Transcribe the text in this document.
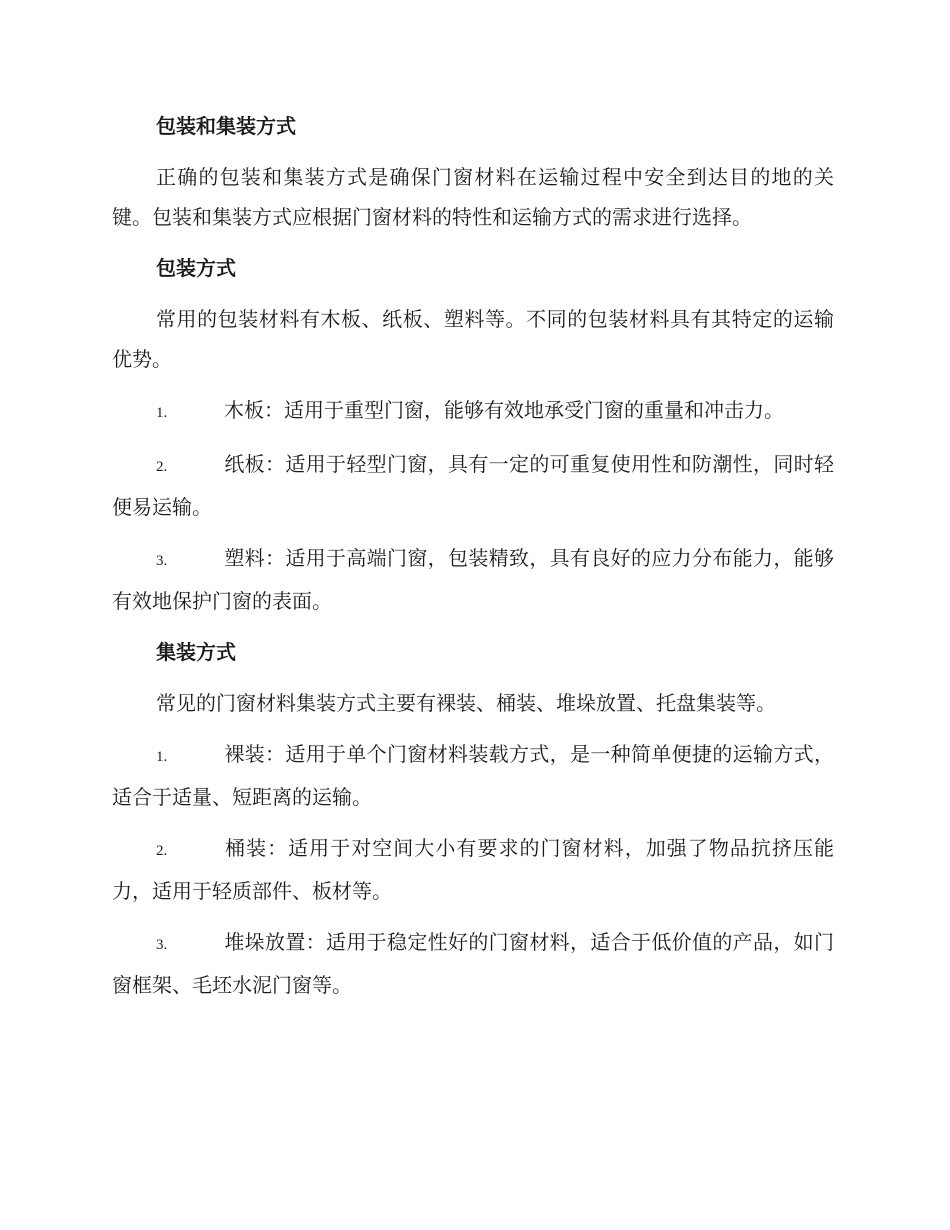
包装和集装方式

正确的包装和集装方式是确保门窗材料在运输过程中安全到达目的地的关键。包装和集装方式应根据门窗材料的特性和运输方式的需求进行选择。

包装方式

常用的包装材料有木板、纸板、塑料等。不同的包装材料具有其特定的运输优势。

1.	木板：适用于重型门窗，能够有效地承受门窗的重量和冲击力。
2.	纸板：适用于轻型门窗，具有一定的可重复使用性和防潮性，同时轻便易运输。
3.	塑料：适用于高端门窗，包装精致，具有良好的应力分布能力，能够有效地保护门窗的表面。
集装方式

常见的门窗材料集装方式主要有裸装、桶装、堆垛放置、托盘集装等。

1.	裸装：适用于单个门窗材料装载方式，是一种简单便捷的运输方式，适合于适量、短距离的运输。
2.	桶装：适用于对空间大小有要求的门窗材料，加强了物品抗挤压能力，适用于轻质部件、板材等。
3.	堆垛放置：适用于稳定性好的门窗材料，适合于低价值的产品，如门窗框架、毛坯水泥门窗等。
